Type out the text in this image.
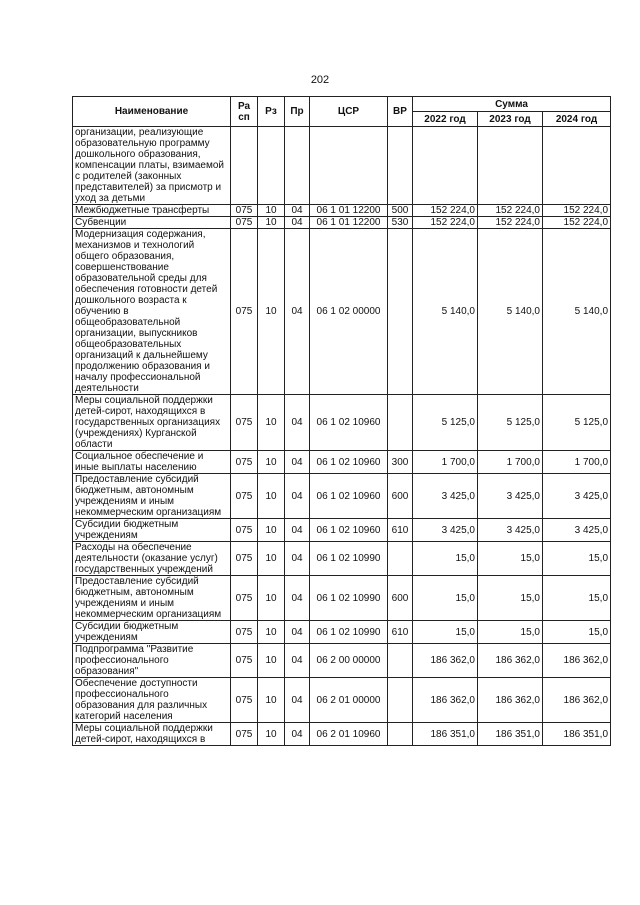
202
Наименование	Ра сп	Рз	Пр	ЦСР	ВР	Сумма		
						2022 год	2023 год	2024 год
организации, реализующие образовательную программу дошкольного образования, компенсации платы, взимаемой с родителей (законных представителей) за присмотр и уход за детьми								
Межбюджетные трансферты	075	10	04	06 1 01 12200	500	152 224,0	152 224,0	152 224,0
Субвенции	075	10	04	06 1 01 12200	530	152 224,0	152 224,0	152 224,0
Модернизация содержания, механизмов и технологий общего образования, совершенствование образовательной среды для обеспечения готовности детей дошкольного возраста к обучению в общеобразовательной организации, выпускников общеобразовательных организаций к дальнейшему продолжению образования и началу профессиональной деятельности	075	10	04	06 1 02 00000		5 140,0	5 140,0	5 140,0
Меры социальной поддержки детей-сирот, находящихся в государственных организациях (учреждениях) Курганской области	075	10	04	06 1 02 10960		5 125,0	5 125,0	5 125,0
Социальное обеспечение и иные выплаты населению	075	10	04	06 1 02 10960	300	1 700,0	1 700,0	1 700,0
Предоставление субсидий бюджетным, автономным учреждениям и иным некоммерческим организациям	075	10	04	06 1 02 10960	600	3 425,0	3 425,0	3 425,0
Субсидии бюджетным учреждениям	075	10	04	06 1 02 10960	610	3 425,0	3 425,0	3 425,0
Расходы на обеспечение деятельности (оказание услуг) государственных учреждений	075	10	04	06 1 02 10990		15,0	15,0	15,0
Предоставление субсидий бюджетным, автономным учреждениям и иным некоммерческим организациям	075	10	04	06 1 02 10990	600	15,0	15,0	15,0
Субсидии бюджетным учреждениям	075	10	04	06 1 02 10990	610	15,0	15,0	15,0
Подпрограмма "Развитие профессионального образования"	075	10	04	06 2 00 00000		186 362,0	186 362,0	186 362,0
Обеспечение доступности профессионального образования для различных категорий населения	075	10	04	06 2 01 00000		186 362,0	186 362,0	186 362,0
Меры социальной поддержки детей-сирот, находящихся в	075	10	04	06 2 01 10960		186 351,0	186 351,0	186 351,0
